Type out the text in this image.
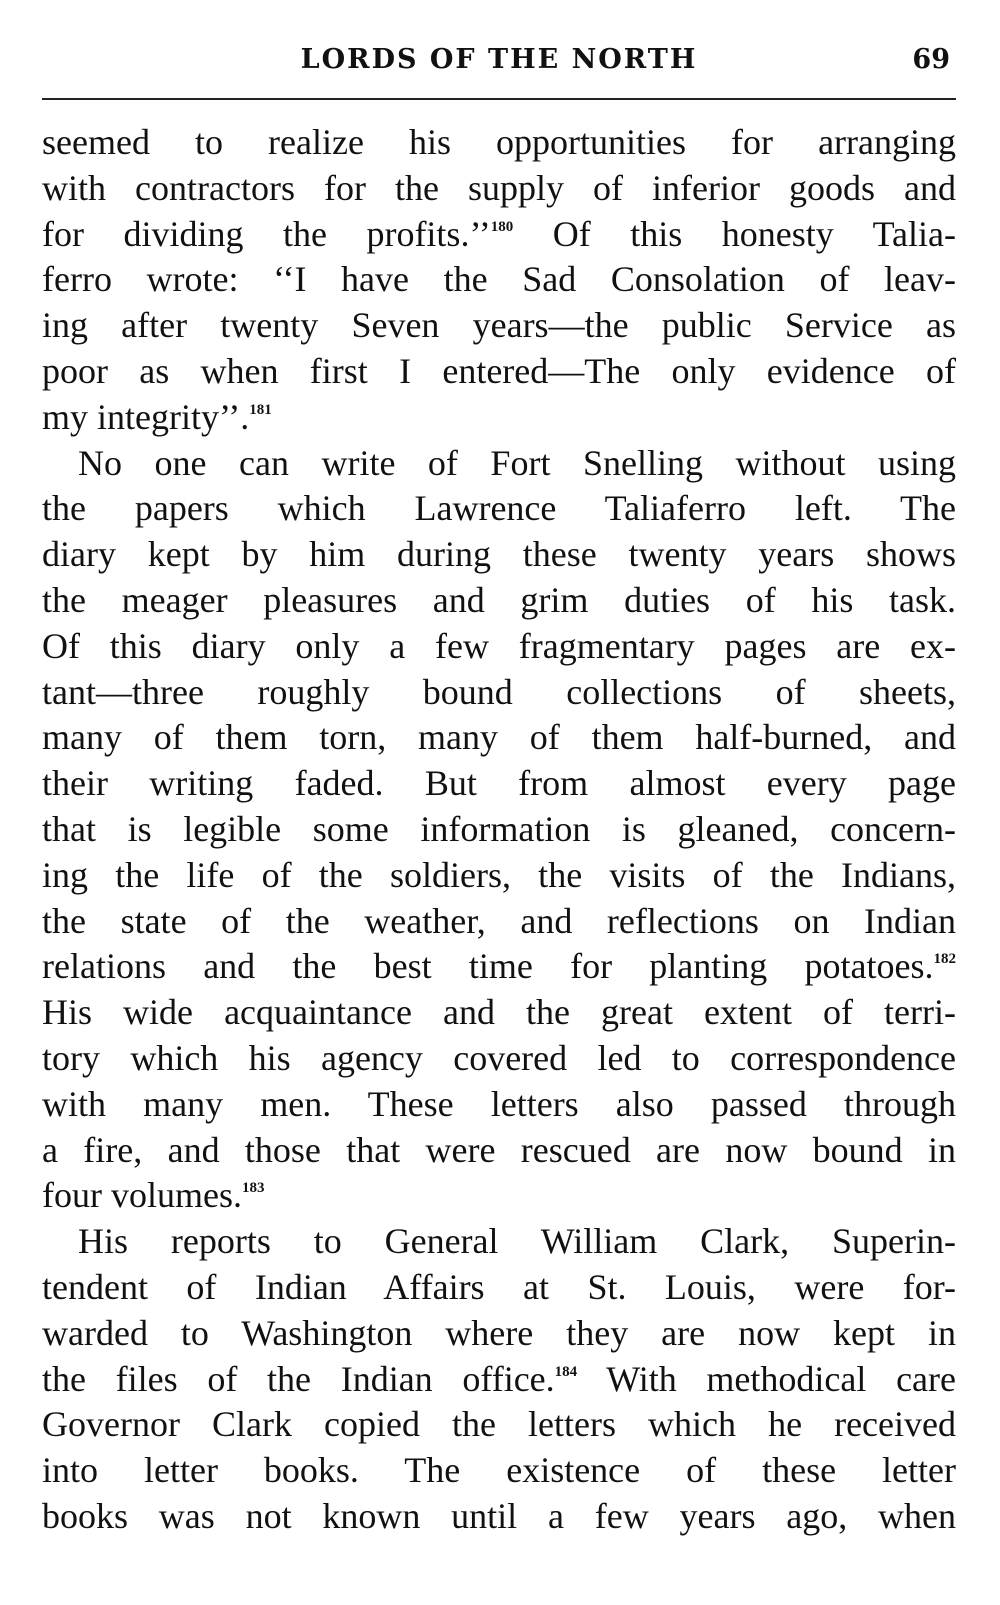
LORDS OF THE NORTH	69
seemed to realize his opportunities for arranging
with contractors for the supply of inferior goods and
for dividing the profits.’’$^{180}$ Of this honesty Talia-
ferro wrote: ‘‘I have the Sad Consolation of leav-
ing after twenty Seven years—the public Service as
poor as when first I entered—The only evidence of
my integrity’’.$^{181}$
No one can write of Fort Snelling without using
the papers which Lawrence Taliaferro left. The
diary kept by him during these twenty years shows
the meager pleasures and grim duties of his task.
Of this diary only a few fragmentary pages are ex-
tant—three roughly bound collections of sheets,
many of them torn, many of them half-burned, and
their writing faded. But from almost every page
that is legible some information is gleaned, concern-
ing the life of the soldiers, the visits of the Indians,
the state of the weather, and reflections on Indian
relations and the best time for planting potatoes.$^{182}$
His wide acquaintance and the great extent of terri-
tory which his agency covered led to correspondence
with many men. These letters also passed through
a fire, and those that were rescued are now bound in
four volumes.$^{183}$
His reports to General William Clark, Superin-
tendent of Indian Affairs at St. Louis, were for-
warded to Washington where they are now kept in
the files of the Indian office.$^{184}$ With methodical care
Governor Clark copied the letters which he received
into letter books. The existence of these letter
books was not known until a few years ago, when
